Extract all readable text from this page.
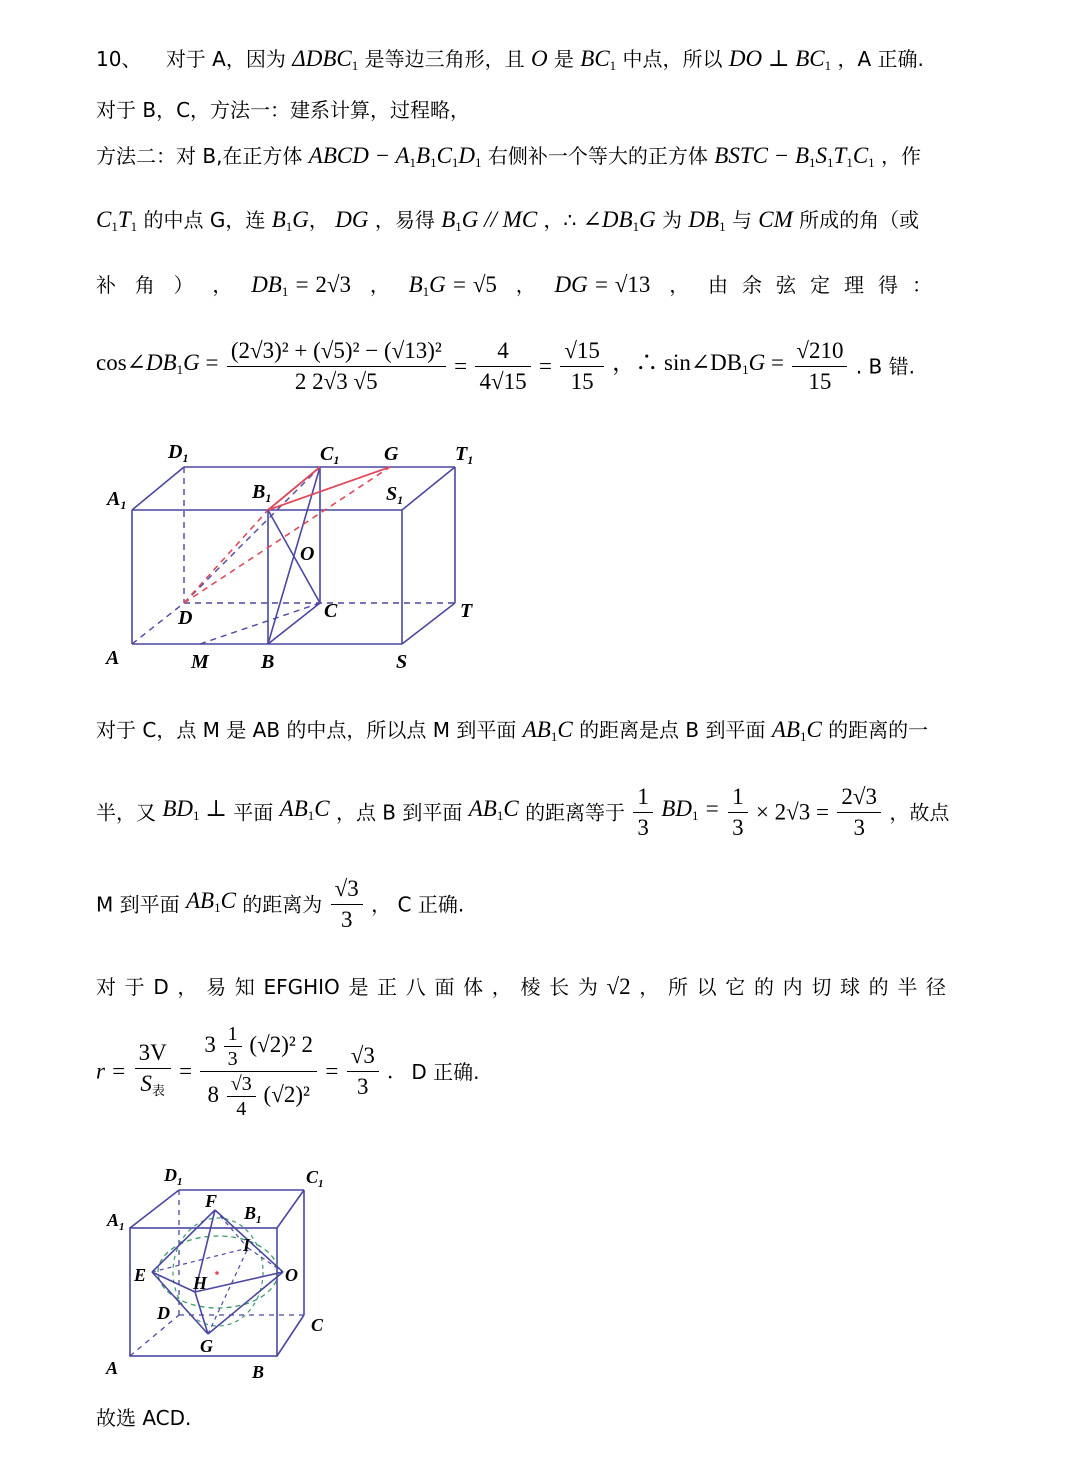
10、 对于 A，因为 $\Delta DBC_1$ 是等边三角形，且 O 是 $BC_1$ 中点，所以 DO ⊥ $BC_1$ ，A 正确.
对于 B，C，方法一：建系计算，过程略，
方法二：对 B,在正方体 ABCD − $A_1B_1C_1D_1$ 右侧补一个等大的正方体 BSTC − $B_1S_1T_1C_1$ ，作
$C_1T_1$ 的中点 G，连 $B_1G$， DG ，易得 $B_1G$ // MC ，∴ $\angle DB_1G$ 为 $DB_1$ 与 CM 所成的角（或
补 角 ） ， $DB_1 = 2√3$ ， $B_1G = √5$ ， DG = √13 ， 由余弦定理得：
$\cos\angle DB_1G = \frac{\text{(2√3)² + (√5)² − (√13)²}}{2 2√3 √5} = \frac{4}{4√15} = \frac{√15}{15}$ ，∴ $\sin\angle DB_1G = \frac{√210}{15}$ . B 错.
$D_1$	$C_1$ G	$T_1$
$A_1$
$B_1$	$S_1$
O
D	C	T
A	M	B	S
对于 C，点 M 是 AB 的中点，所以点 M 到平面 $AB_1C$ 的距离是点 B 到平面 $AB_1C$ 的距离的一
半，又 $BD_1$ ⊥ 平面 $AB_1C$ ，点 B 到平面 $AB_1C$ 的距离等于 $\frac{1}{3} BD_1 = \frac{1}{3} \times 2√3 = \frac{2√3}{3}$ ，故点
M 到平面 $AB_1C$ 的距离为 $\frac{√3}{3}$ ， C 正确.
对 于 D ， 易 知 EFGHIO 是 正 八 面 体 ， 棱 长 为 √2 ， 所 以 它 的 内 切 球 的 半 径
$r = \frac{3V}{S_表} = \frac{3 \frac{1}{3} (√2)^2 2}{8 \frac{√3}{4} (√2)^2} = \frac{√3}{3}$ . D 正确.
$D_1$	$C_1$
F
$B_1$
$A_1$
I
E	H	O
D
C
G
A	B
故选 ACD.
